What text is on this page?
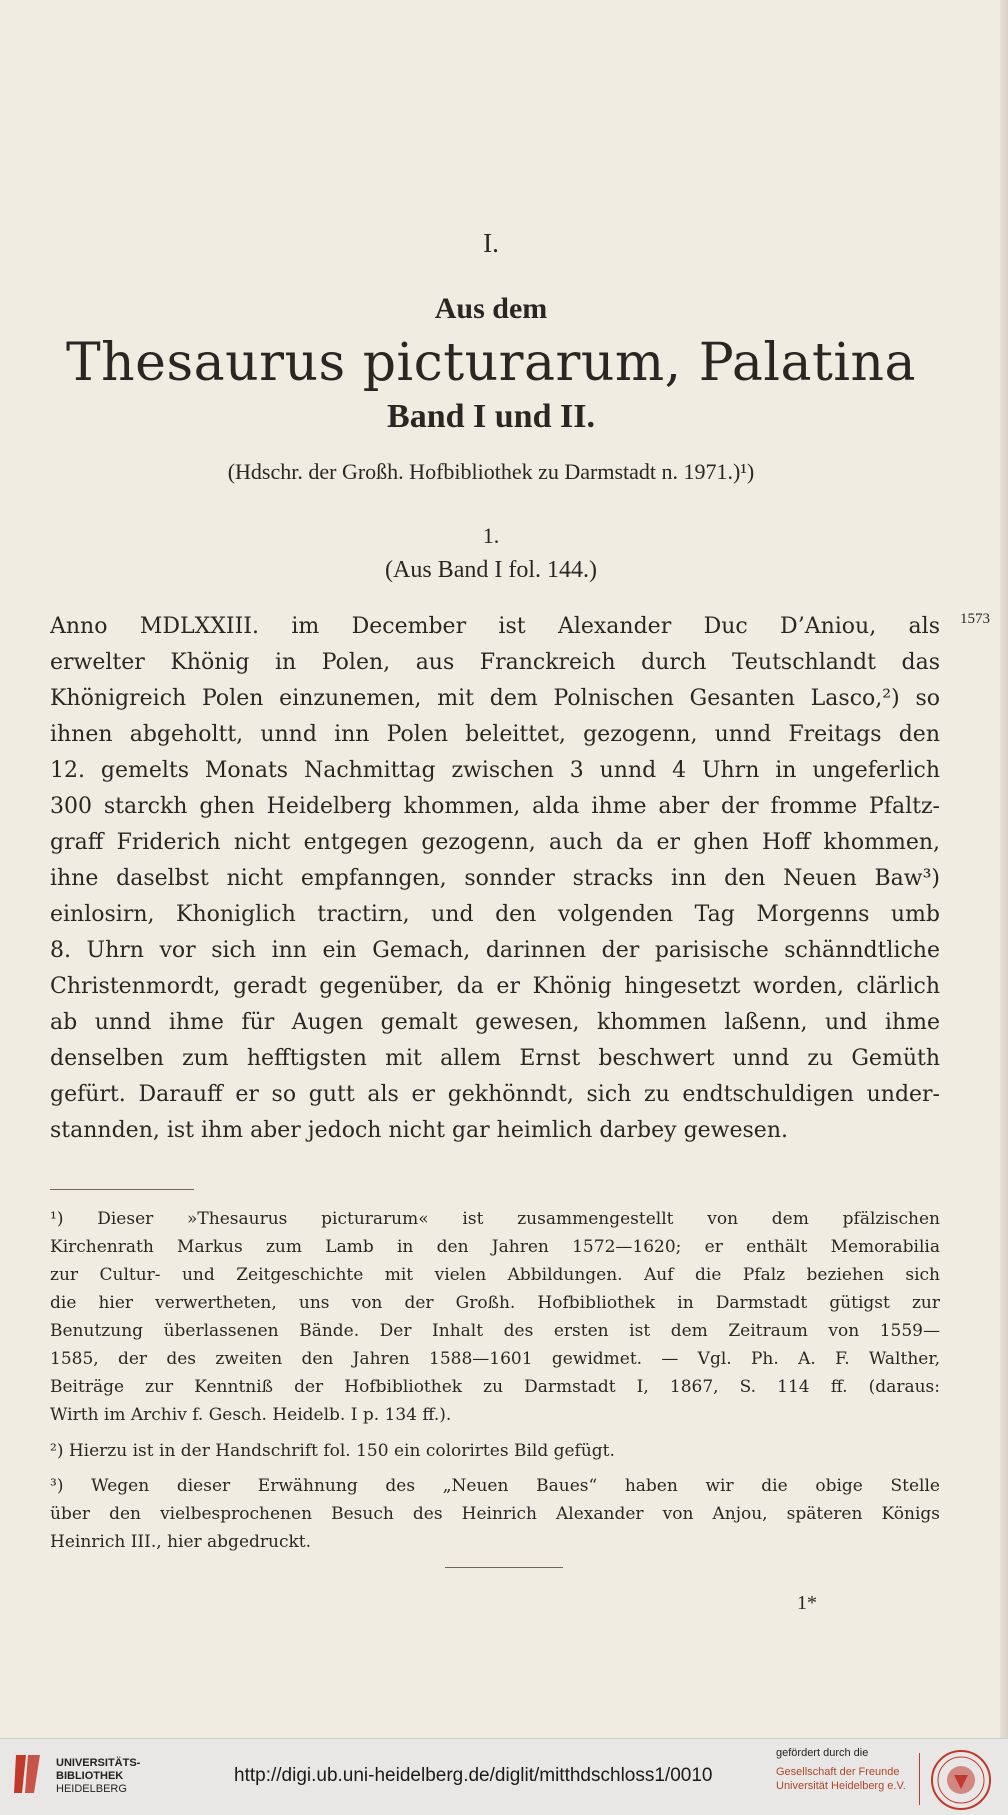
I.
Aus dem
Thesaurus picturarum, Palatina
Band I und II.
(Hdschr. der Großh. Hofbibliothek zu Darmstadt n. 1971.)¹)
1.
(Aus Band I fol. 144.)
1573
Anno MDLXXIII. im December ist Alexander Duc D’Aniou, als
erwelter Khönig in Polen, aus Franckreich durch Teutschlandt das
Khönigreich Polen einzunemen, mit dem Polnischen Gesanten Lasco,²) so
ihnen abgeholtt, unnd inn Polen beleittet, gezogenn, unnd Freitags den
12. gemelts Monats Nachmittag zwischen 3 unnd 4 Uhrn in ungeferlich
300 starckh ghen Heidelberg khommen, alda ihme aber der fromme Pfaltz-
graff Friderich nicht entgegen gezogenn, auch da er ghen Hoff khommen,
ihne daselbst nicht empfanngen, sonnder stracks inn den Neuen Baw³)
einlosirn, Khoniglich tractirn, und den volgenden Tag Morgenns umb
8. Uhrn vor sich inn ein Gemach, darinnen der parisische schänndtliche
Christenmordt, geradt gegenüber, da er Khönig hingesetzt worden, clärlich
ab unnd ihme für Augen gemalt gewesen, khommen laßenn, und ihme
denselben zum hefftigsten mit allem Ernst beschwert unnd zu Gemüth
gefürt. Darauff er so gutt als er gekhönndt, sich zu endtschuldigen under-
stannden, ist ihm aber jedoch nicht gar heimlich darbey gewesen.
¹) Dieser »Thesaurus picturarum« ist zusammengestellt von dem pfälzischen
Kirchenrath Markus zum Lamb in den Jahren 1572—1620; er enthält Memorabilia
zur Cultur- und Zeitgeschichte mit vielen Abbildungen. Auf die Pfalz beziehen sich
die hier verwertheten, uns von der Großh. Hofbibliothek in Darmstadt gütigst zur
Benutzung überlassenen Bände. Der Inhalt des ersten ist dem Zeitraum von 1559—
1585, der des zweiten den Jahren 1588—1601 gewidmet. — Vgl. Ph. A. F. Walther,
Beiträge zur Kenntniß der Hofbibliothek zu Darmstadt I, 1867, S. 114 ff. (daraus:
Wirth im Archiv f. Gesch. Heidelb. I p. 134 ff.).
²) Hierzu ist in der Handschrift fol. 150 ein colorirtes Bild gefügt.
³) Wegen dieser Erwähnung des „Neuen Baues“ haben wir die obige Stelle
über den vielbesprochenen Besuch des Heinrich Alexander von Anjou, späteren Königs
Heinrich III., hier abgedruckt.
1*
UNIVERSITÄTS-
BIBLIOTHEK
HEIDELBERG
http://digi.ub.uni-heidelberg.de/diglit/mitthdschloss1/0010
gefördert durch die
Gesellschaft der Freunde
Universität Heidelberg e.V.
